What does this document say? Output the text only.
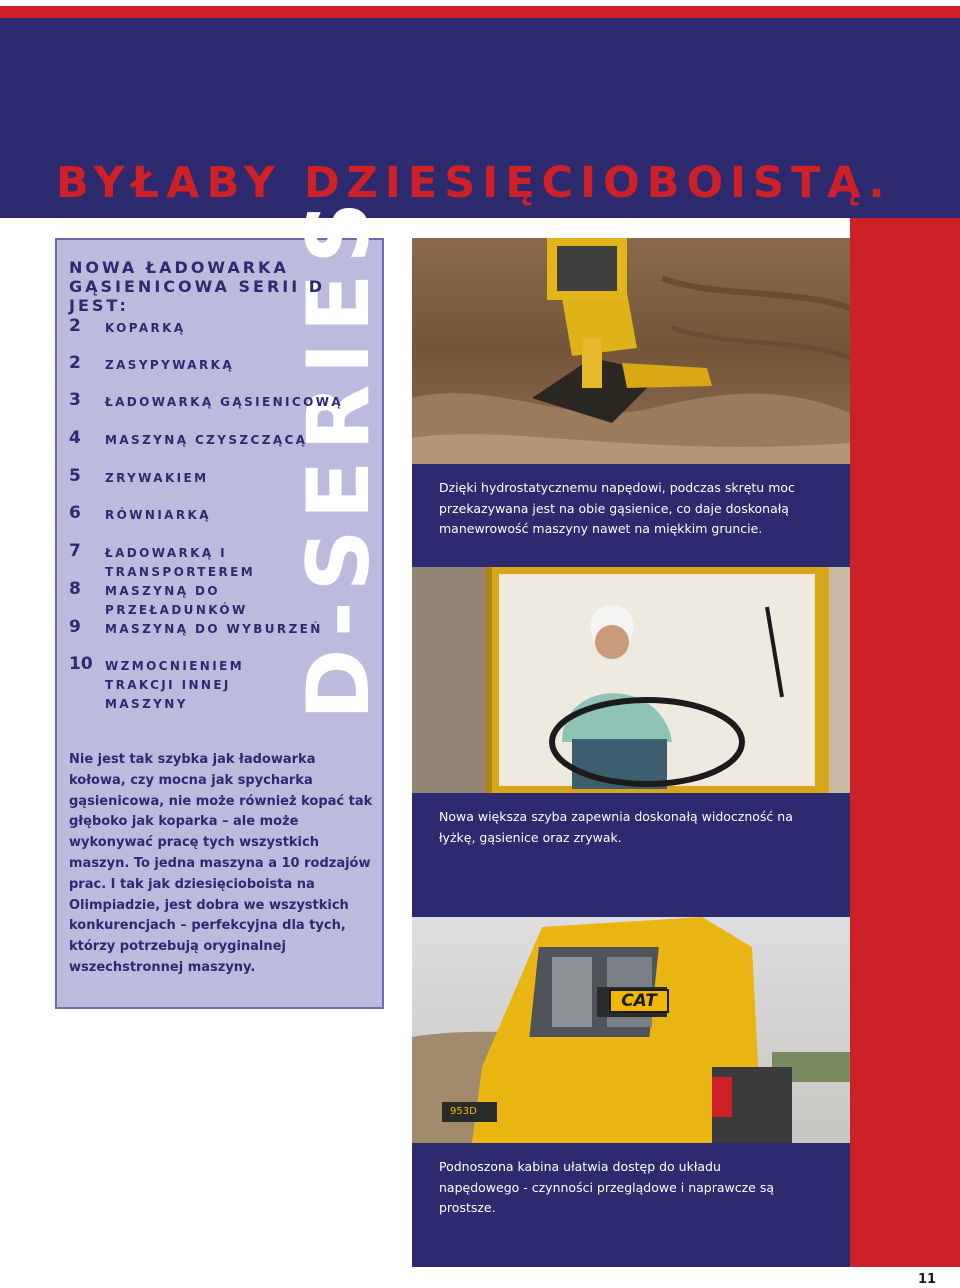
BYŁABY DZIESIĘCIOBOISTĄ.
D-SERIES
NOWA ŁADOWARKA
GĄSIENICOWA SERII D JEST:
2 KOPARKĄ
2 ZASYPYWARKĄ
3 ŁADOWARKĄ GĄSIENICOWĄ
4 MASZYNĄ CZYSZCZĄCĄ
5 ZRYWAKIEM
6 RÓWNIARKĄ
7 ŁADOWARKĄ I TRANSPORTEREM
8 MASZYNĄ DO PRZEŁADUNKÓW
9 MASZYNĄ DO WYBURZEŃ
10 WZMOCNIENIEM TRAKCJI INNEJ MASZYNY
Nie jest tak szybka jak ładowarka kołowa, czy mocna jak spycharka gąsienicowa, nie może również kopać tak głęboko jak koparka – ale może wykonywać pracę tych wszystkich maszyn. To jedna maszyna a 10 rodzajów prac. I tak jak dziesięcioboista na Olimpiadzie, jest dobra we wszystkich konkurencjach – perfekcyjna dla tych, którzy potrzebują oryginalnej wszechstronnej maszyny.
Dzięki hydrostatycznemu napędowi, podczas skrętu moc przekazywana jest na obie gąsienice, co daje doskonałą manewrowość maszyny nawet na miękkim gruncie.
Nowa większa szyba zapewnia doskonałą widoczność na łyżkę, gąsienice oraz zrywak.
CAT
953D
Podnoszona kabina ułatwia dostęp do układu napędowego - czynności przeglądowe i naprawcze są prostsze.
11
